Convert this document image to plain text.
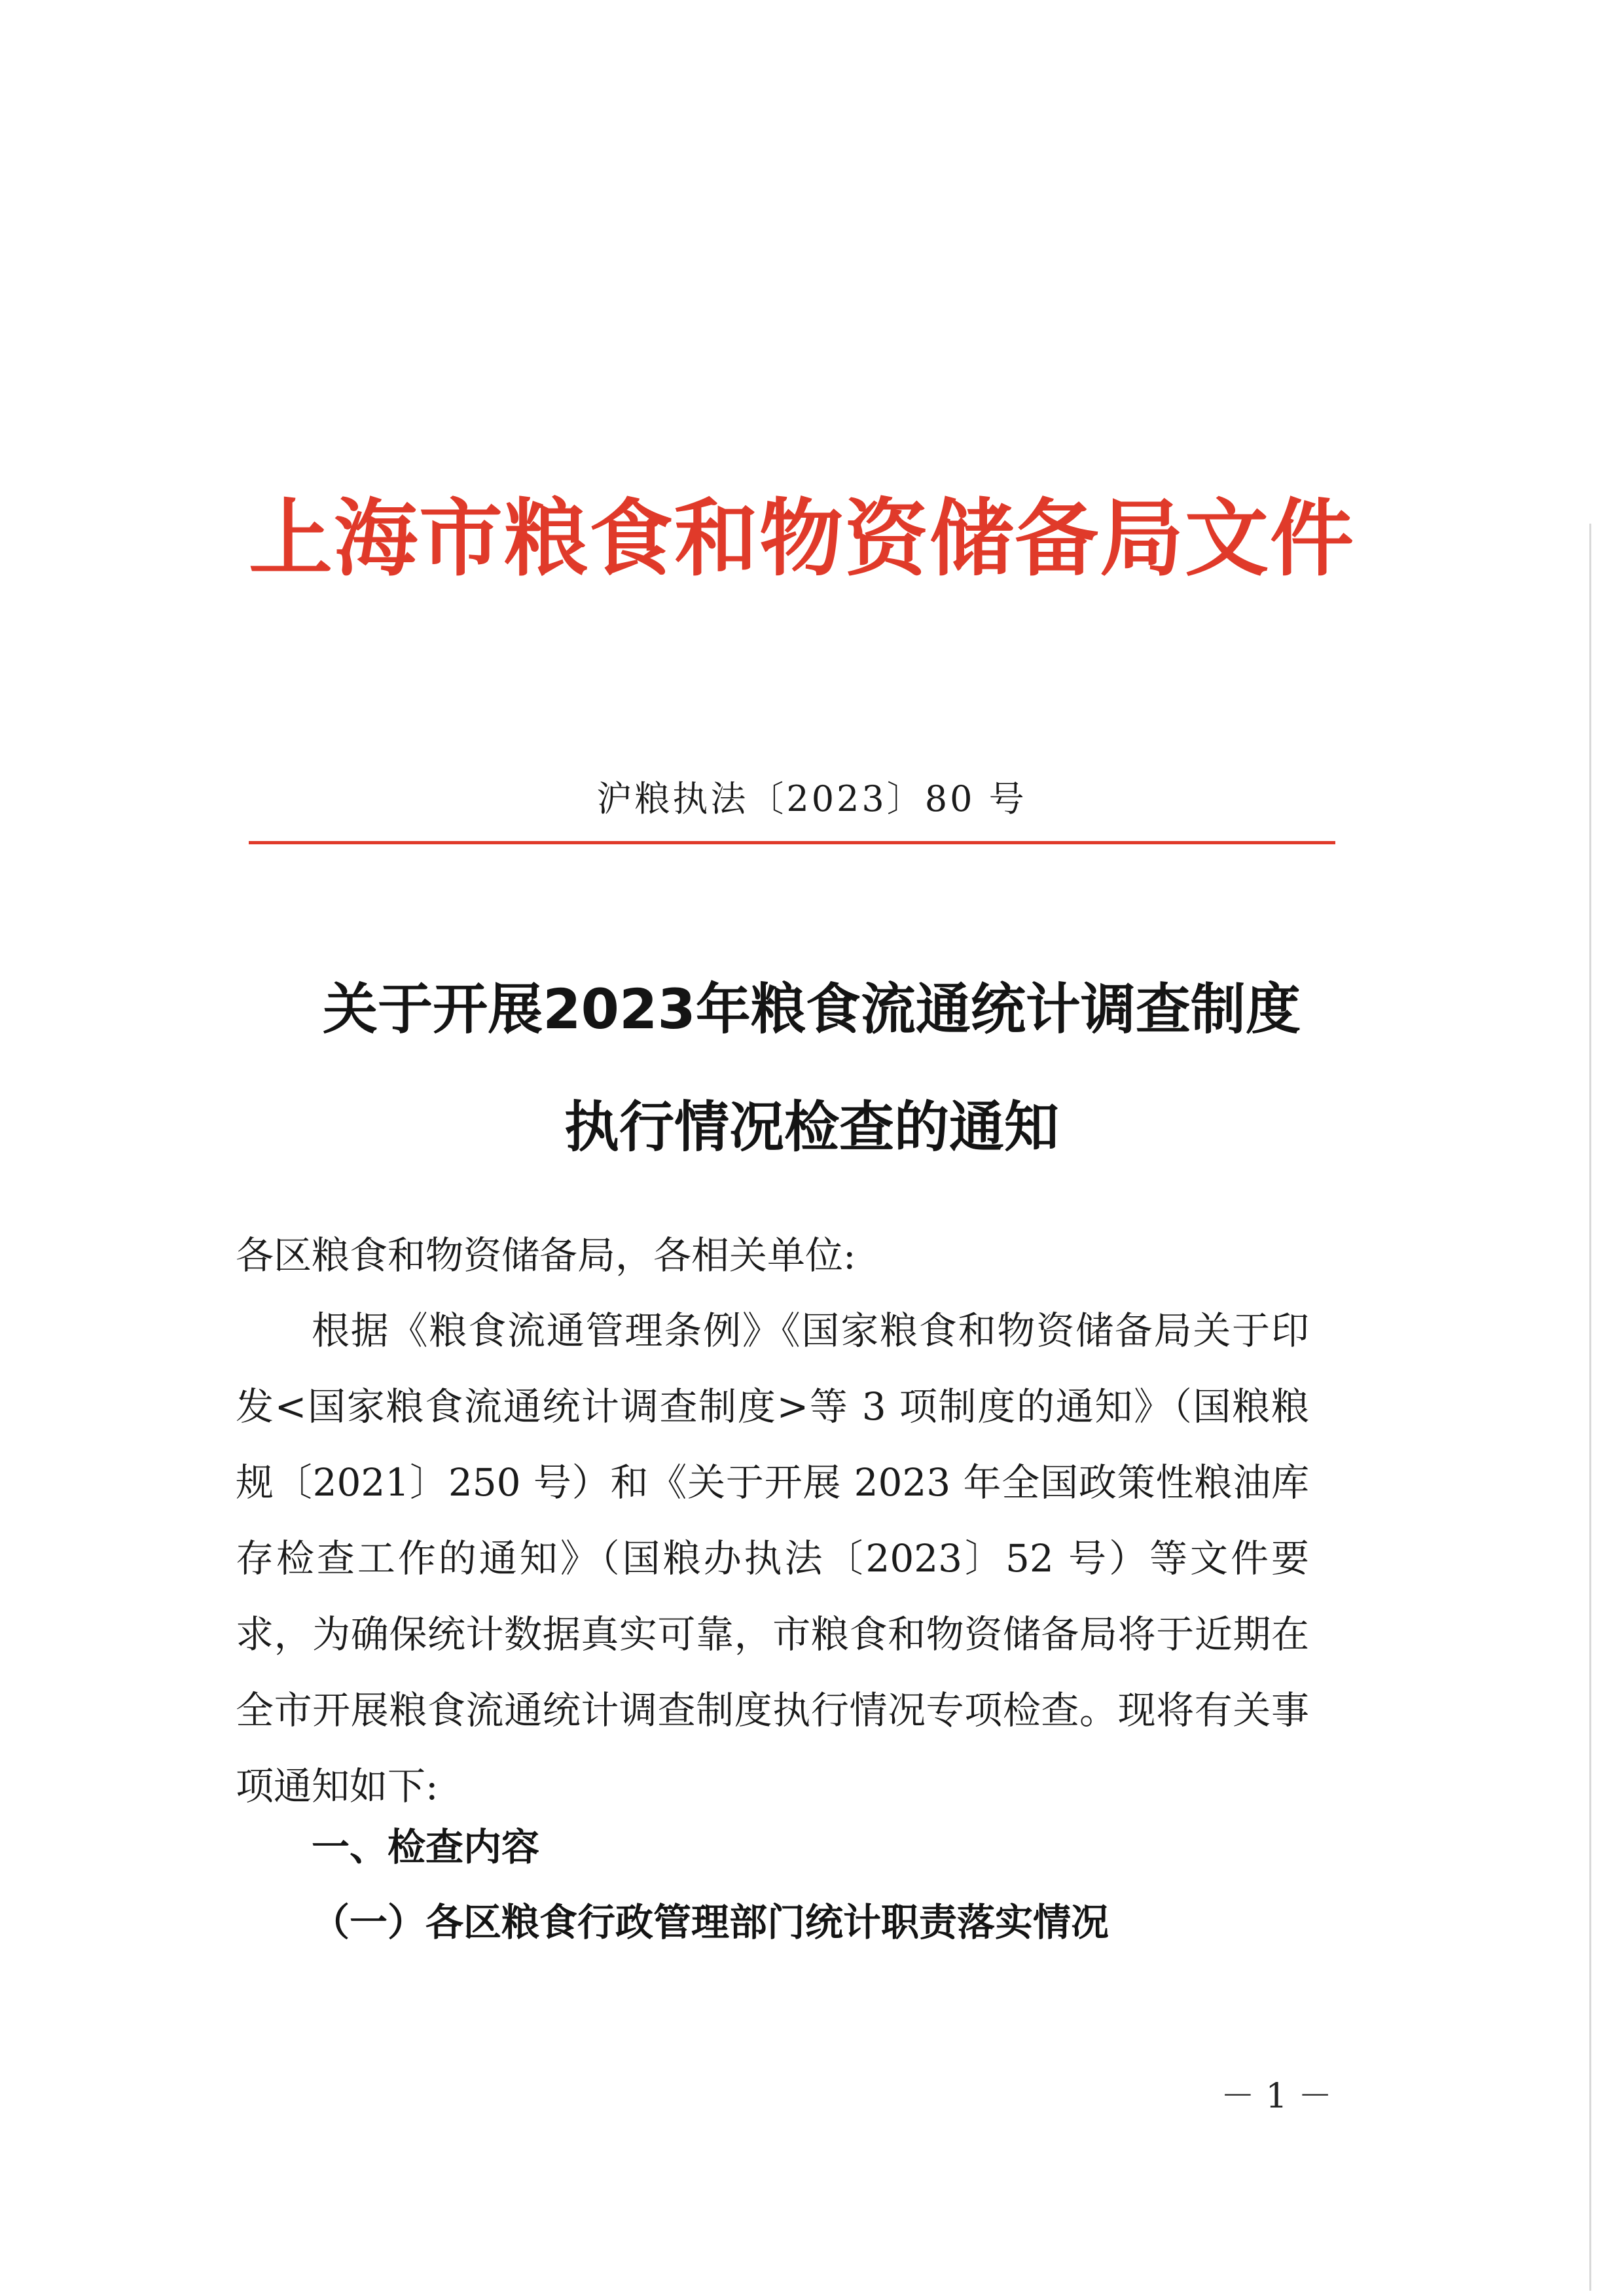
上海市粮食和物资储备局文件
沪粮执法〔2023〕80 号
关于开展2023年粮食流通统计调查制度
执行情况检查的通知
各区粮食和物资储备局，各相关单位:
根据《粮食流通管理条例》《国家粮食和物资储备局关于印发<国家粮食流通统计调查制度>等 3 项制度的通知》（国粮粮规〔2021〕250 号）和《关于开展 2023 年全国政策性粮油库存检查工作的通知》（国粮办执法〔2023〕52 号）等文件要求，为确保统计数据真实可靠，市粮食和物资储备局将于近期在全市开展粮食流通统计调查制度执行情况专项检查。现将有关事项通知如下:
一、检查内容
（一）各区粮食行政管理部门统计职责落实情况
－ 1 －
